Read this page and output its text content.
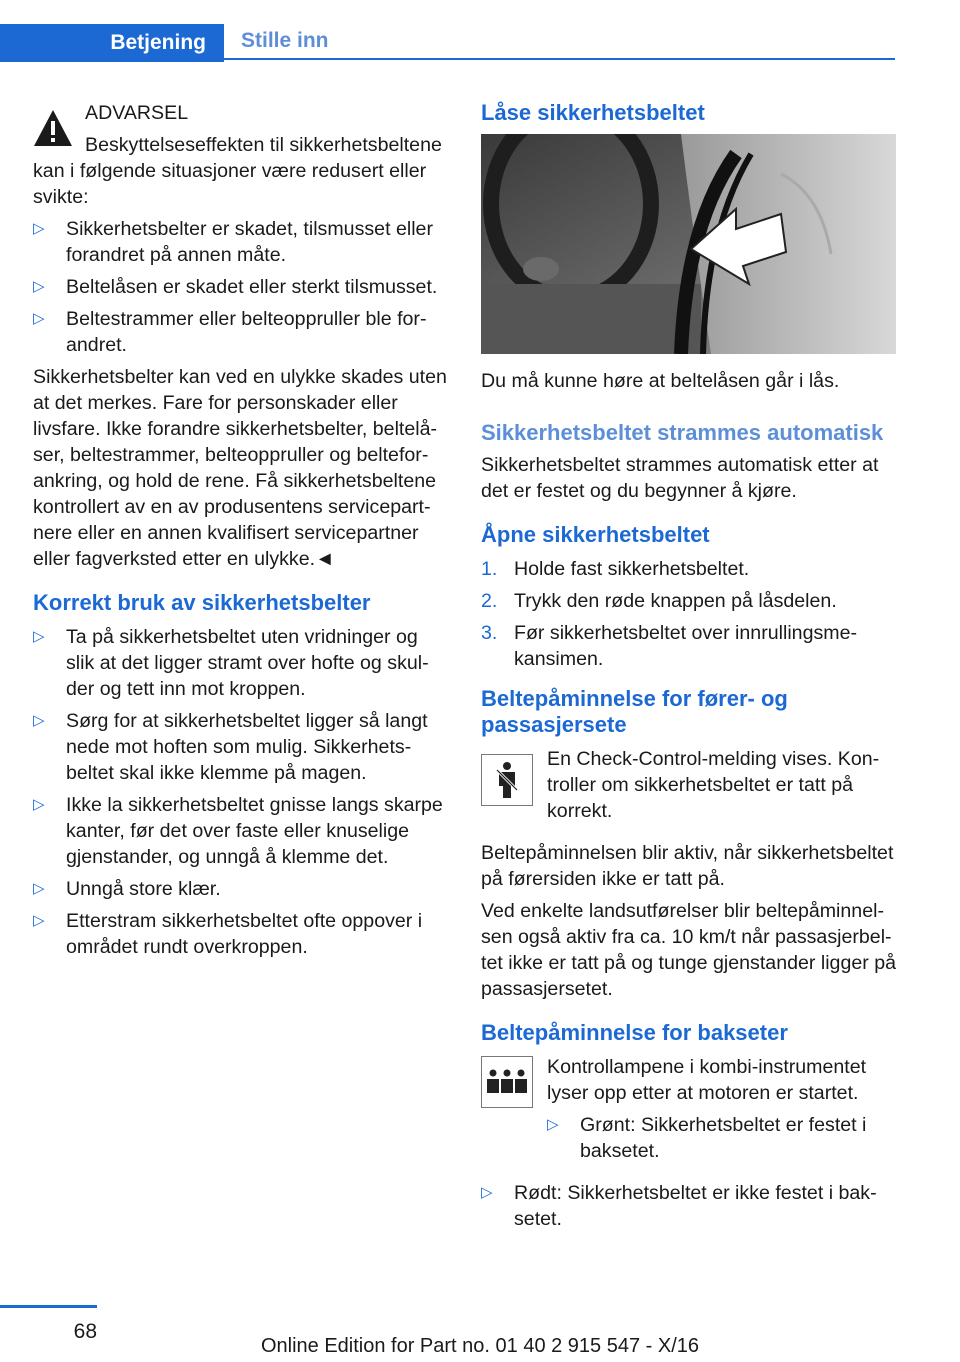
Betjening	Stille inn

ADVARSEL

Beskyttelseseffekten til sikkerhetsbeltene kan i følgende situasjoner være redusert eller svikte:

▷	Sikkerhetsbelter er skadet, tilsmusset eller forandret på annen måte.
▷	Beltelåsen er skadet eller sterkt tilsmusset.
▷	Beltestrammer eller belteoppruller ble forandret.

Sikkerhetsbelter kan ved en ulykke skades uten at det merkes. Fare for personskader eller livsfare. Ikke forandre sikkerhetsbelter, beltelåser, beltestrammer, belteoppruller og belteforankring, og hold de rene. Få sikkerhetsbeltene kontrollert av en av produsentens servicepartnere eller en annen kvalifisert servicepartner eller fagverksted etter en ulykke.◄

Korrekt bruk av sikkerhetsbelter
▷	Ta på sikkerhetsbeltet uten vridninger og slik at det ligger stramt over hofte og skulder og tett inn mot kroppen.
▷	Sørg for at sikkerhetsbeltet ligger så langt nede mot hoften som mulig. Sikkerhetsbeltet skal ikke klemme på magen.
▷	Ikke la sikkerhetsbeltet gnisse langs skarpe kanter, før det over faste eller knuselige gjenstander, og unngå å klemme det.
▷	Unngå store klær.
▷	Etterstram sikkerhetsbeltet ofte oppover i området rundt overkroppen.
Låse sikkerhetsbeltet

Du må kunne høre at beltelåsen går i lås.

Sikkerhetsbeltet strammes automatisk

Sikkerhetsbeltet strammes automatisk etter at det er festet og du begynner å kjøre.

Åpne sikkerhetsbeltet
1. Holde fast sikkerhetsbeltet.
2. Trykk den røde knappen på låsdelen.
3. Før sikkerhetsbeltet over innrullingsmekansimen.
Beltepåminnelse for fører- og passasjersete

En Check-Control-melding vises. Kontroller om sikkerhetsbeltet er tatt på korrekt.

Beltepåminnelsen blir aktiv, når sikkerhetsbeltet på førersiden ikke er tatt på.

Ved enkelte landsutførelser blir beltepåminnelsen også aktiv fra ca. 10 km/t når passasjerbeltet ikke er tatt på og tunge gjenstander ligger på passasjersetet.

Beltepåminnelse for bakseter

Kontrollampene i kombi-instrumentet lyser opp etter at motoren er startet.

▷	Grønt: Sikkerhetsbeltet er festet i baksetet.
▷	Rødt: Sikkerhetsbeltet er ikke festet i baksetet.
68
Online Edition for Part no. 01 40 2 915 547 - X/16
